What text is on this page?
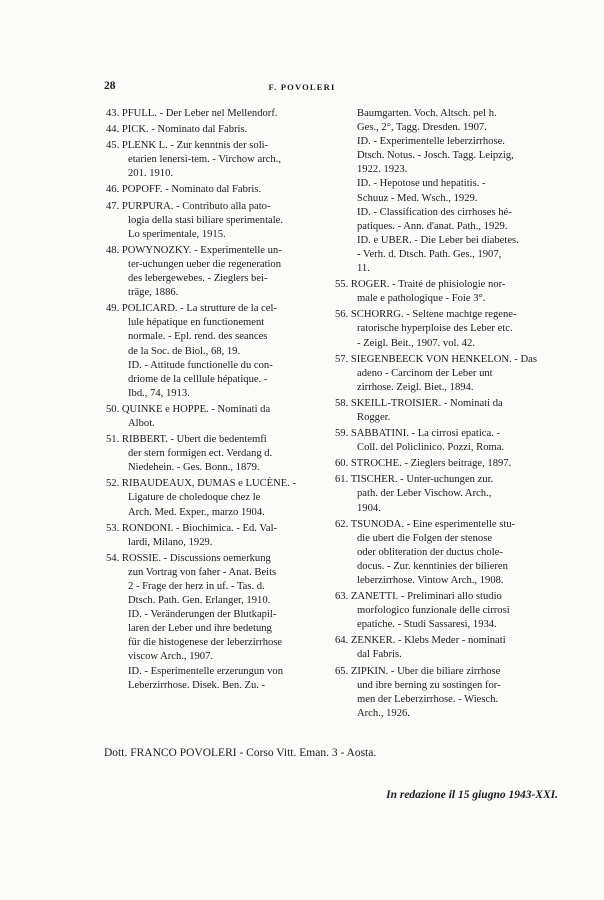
28	F. POVOLERI
43. PFULL. - Der Leber nel Mellendorf.
44. PICK. - Nominato dal Fabris.
45. PLENK L. - Zur kenntnis der soli-
etarien lenersi-tem. - Virchow arch.,
201. 1910.
46. POPOFF. - Nominato dal Fabris.
47. PURPURA. - Contributo alla pato-
logia della stasi biliare sperimentale.
Lo sperimentale, 1915.
48. POWYNOZKY. - Experimentelle un-
ter-uchungen ueber die regeneration
des lebergewebes. - Zieglers bei-
träge, 1886.
49. POLICARD. - La strutture de la cel-
lule hépatique en functionement
normale. - Epl. rend. des seances
de la Soc. de Biol., 68, 19.
ID. - Attitude functionelle du con-
driome de la celllule hépatique. -
Ibd., 74, 1913.
50. QUINKE e HOPPE. - Nominati da
Albot.
51. RIBBERT. - Ubert die bedentemfi
der stern formigen ect. Verdang d.
Niedehein. - Ges. Bonn., 1879.
52. RIBAUDEAUX, DUMAS e LUCÈNE. -
Ligature de choledoque chez le
Arch. Med. Exper., marzo 1904.
53. RONDONI. - Biochimica. - Ed. Val-
lardi, Milano, 1929.
54. ROSSIE. - Discussions oemerkung
zun Vortrag von faher - Anat. Beits
2 - Frage der herz in uf. - Tas. d.
Dtsch. Path. Gen. Erlanger, 1910.
ID. - Veränderungen der Blutkapil-
laren der Leber und ihre bedetung
für die histogenese der leberzirrhose
viscow Arch., 1907.
ID. - Esperimentelle erzerungun von
Leberzirrhose. Disek. Ben. Zu. -
Baumgarten. Voch. Altsch. pel h.
Ges., 2°, Tagg. Dresden. 1907.
ID. - Experimentelle leberzirrhose.
Dtsch. Notus. - Josch. Tagg. Leipzig,
1922. 1923.
ID. - Hepotose und hepatitis. -
Schuuz - Med. Wsch., 1929.
ID. - Classification des cirrhoses hé-
patiques. - Ann. d'anat. Path., 1929.
ID. e UBER. - Die Leber bei diabetes.
- Verh. d. Dtsch. Path. Ges., 1907,
11.
55. ROGER. - Traité de phisiologie nor-
male e pathologique - Foie 3°.
56. SCHORRG. - Seltene machtge regene-
ratorische hyperploise des Leber etc.
- Zeigl. Beit., 1907. vol. 42.
57. SIEGENBEECK VON HENKELON. - Das
adeno - Carcinom der Leber unt
zirrhose. Zeigl. Biet., 1894.
58. SKEILL-TROISIER. - Nominati da
Rogger.
59. SABBATINI. - La cirrosi epatica. -
Coll. del Policlinico. Pozzi, Roma.
60. STROCHE. - Zieglers beitrage, 1897.
61. TISCHER. - Unter-uchungen zur.
path. der Leber Vischow. Arch.,
1904.
62. TSUNODA. - Eine esperimentelle stu-
die ubert die Folgen der stenose
oder obliteration der ductus chole-
docus. - Zur. kenntinies der bilieren
leberzirrhose. Vintow Arch., 1908.
63. ZANETTI. - Preliminari allo studio
morfologico funzionale delle cirrosi
epatiche. - Studi Sassaresi, 1934.
64. ZENKER. - Klebs Meder - nominati
dal Fabris.
65. ZIPKIN. - Uber die biliare zirrhose
und ibre berning zu sostingen for-
men der Leberzirrhose. - Wiesch.
Arch., 1926.
Dott. FRANCO POVOLERI - Corso Vitt. Eman. 3 - Aosta.
In redazione il 15 giugno 1943-XXI.
